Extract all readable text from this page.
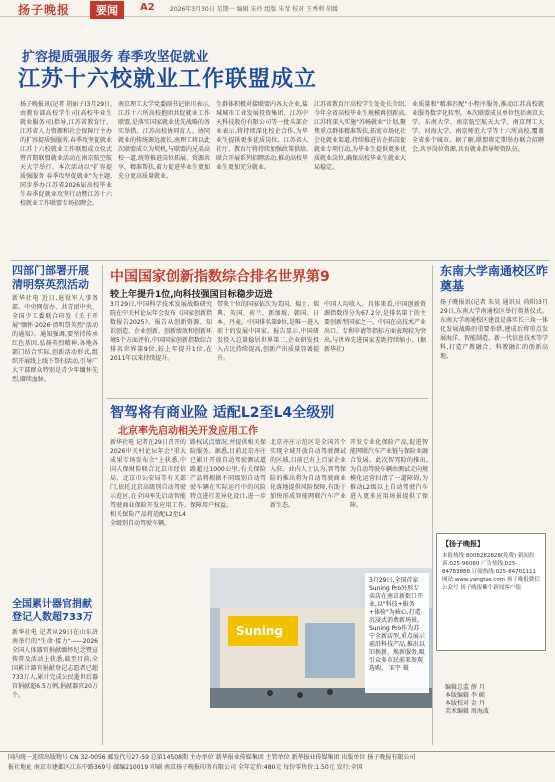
扬子晚报	要闻	A2	2026年3月30日 星期一 编辑 朱玲 组版 朱莹 校对 王秀利 胡媛
扩容提质强服务 春季攻坚促就业
江苏十六校就业工作联盟成立
扬子晚报讯(记者 胡丽子)3月29日,由教育部高校学生司(高校毕业生就业服务司)指导,江苏省教育厅、江苏省人力资源和社会保障厅主办的扩容提质强服务,春季攻坚促就业江苏十六校就业工作联盟成立仪式暨首期联盟就业活动在南京航空航天大学举行。本次活动以"扩容提质强服务 春季攻坚促就业"为主题,同步举办江苏省2026届高校毕业生春季促就业攻坚行动暨江苏十六校就业工作联盟专场招聘会。
南京理工大学党委副书记徐川表示,江苏十六所高校抱团共促就业工作联盟,是落实国家就业优先战略的务实举措。江苏高校协同育人、协同就业的传统源远流长,南理工将以此次联盟成立为契机,与联盟内兄弟高校一道,统筹推进岗位拓展、资源共享、精准帮扶,着力促进毕业生更加充分更高质量就业。
生群体积极对接联盟内各大企业,盐城城市工业发展投资集团、江苏中天科技股份有限公司等一批头部企业表示,将持续深化校企合作,为毕业生提供更多优质岗位。江苏省人社厅、教育厅将持续加强政策供给,联合开展系列招聘活动,推动高校毕业生更加充分就业。
江苏省教育厅高校学生处处长介绍,今年全省高校毕业生规模再创新高,江苏将深入实施"苏畅就业"计划,聚焦重点群体精准帮扶,拓宽市场化社会化就业渠道,持续推进访企拓岗促就业专项行动,为毕业生提供更多优质就业岗位,确保高校毕业生就业大局稳定。
业质量和"精准匹配"小程序服务,推动江苏高校就业服务数字化转型。本次联盟成员单位包括南京大学、东南大学、南京航空航天大学、南京理工大学、河海大学、南京师范大学等十六所高校,覆盖全省多个城市。据了解,联盟将定期举办联合招聘会,共享岗位资源,共育就业指导师资队伍。
四部门部署开展清明祭英烈活动
新华社电 近日,退役军人事务部、中央网信办、共青团中央、全国少工委联合印发《关于开展"缅怀·2026·清明祭英烈"活动的通知》。通知强调,要坚持传承红色基因,弘扬英烈精神,各地各部门结合实际,创新活动形式,组织开展线上线下祭扫活动,引导广大干部群众特别是青少年缅怀先烈,赓续血脉。
全国累计器官捐献登记人数超733万
新华社电 记者从29日在山东济南举行的"生命·接力"——2026全国人体器官捐献缅怀纪念暨宣传普及活动上获悉,截至目前,全国累计器官捐献登记志愿者已超733万人,累计完成公民逝世后器官捐献超6.5万例,捐献器官20万个。
中国国家创新指数综合排名世界第9
较上年提升1位,向科技强国目标稳步迈进
3月29日,中国科学技术发展战略研究院在中关村论坛年会发布《国家创新指数报告2025》。报告从创新资源、知识创造、企业创新、创新绩效和创新环境5个方面评价,中国国家创新指数综合排名世界第9位,较上年提升1位,在2011年以来持续提升。
带来十位的国家依次为美国、瑞士、瑞典、英国、荷兰、新加坡、韩国、日本、丹麦。中国排名第9位,是唯一进入前十的发展中国家。报告显示,中国研发投入总量稳居世界第二,企业研发投入占比持续提高,创新产出质量显著提升。
中国人均收入。具体来看,中国创新资源指数得分为67.2分,是排名第十的主要创新型国家之一。中国在高技术产业出口、专利申请等指标方面表现较为突出,与世界先进国家差距持续缩小。(据新华社)
智驾将有商业险 适配L2至L4全级别
北京率先启动相关开发应用工作
新华社电 记者在29日召开的2026中关村论坛年会"重大成果专场发布会"上获悉,中国人保财险联合北京市经信局、北京市公安局等有关部门,依托北京高级别自动驾驶示范区,在全国率先启动智能驾驶商业保险开发应用工作,相关保险产品将适配L2至L4全级别自动驾驶车辆。
路权试点情况,并提供相关保险服务。据悉,目前北京亦庄已累计开放自动驾驶测试道路超过1000公里,有关保险产品将根据不同级别自动驾驶车辆在实际运行中的风险特点进行差异化设计,进一步保障用户权益。
北京亦庄示范区是全国首个实现全域开放自动驾驶测试的区域,目前已有上百家企业入驻。业内人士认为,智驾保险的推出将为自动驾驶商业化落地提供风险保障,有助于加快形成智能网联汽车产业新生态。
开发专业化保险产品,促进智能网联汽车产业链与保险业融合发展。此次智驾险的推出,为自动驾驶车辆由测试走向规模化运营扫清了一道障碍,为推动L2级以上自动驾驶汽车进入更多应用场景提供了保障。
Suning
3月29日,全国首家Suning Pro外形专卖店在南京新街口开业,以"科技+服务+体验"为核心,打造沉浸式消费新场景。 Suning Pro作为苏宁全新店型,重点展示前沿科技产品,推出以旧换新、焕新服务,吸引众多市民前来参观选购。 宋宇 摄
东南大学南通校区昨奠基
扬子晚报讯(记者 朱昊 通讯员 尚阳)3月29日,东南大学南通校区举行奠基仪式。东南大学南通校区建设是落实长三角一体化发展战略的重要举措,建成后将重点发展海洋、智能制造、新一代信息技术等学科,打造产教融合、科教融汇的创新高地。
【扬子晚报】

本报热线:8008282828(免费) 新闻投诉:025-96060 广告热线:025-84783888 订阅热线:025-84701111 网站:www.yangtse.com 扬子晚报微信公众号 扬子晚报紫牛新闻客户端

编辑总监 薛 月
本版编辑 李 硕
本版校对 金 丹
美术编辑 周海波
国内统一连续出版物号 CN 32-0056 邮发代号27-59 总第14508期 主办单位 新华报业传媒集团 主管单位 新华报业传媒集团 出版单位 扬子晚报有限公司
报社地址 南京市建邺区江东中路369号 邮编210019 印刷 南京扬子晚报印务有限公司 全年定价:480元 每份零售价:1.50元 发行:全国
